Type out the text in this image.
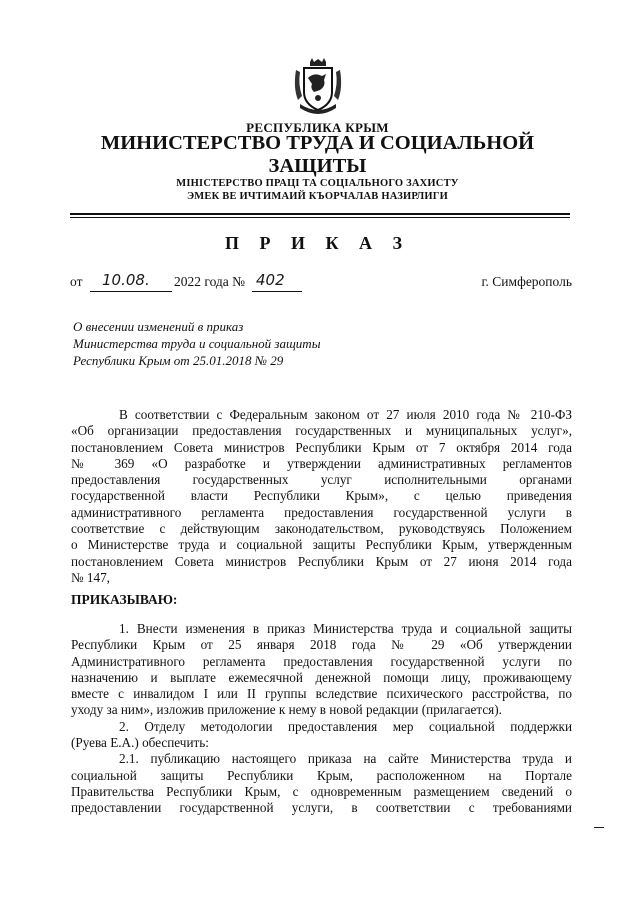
РЕСПУБЛИКА КРЫМ
МИНИСТЕРСТВО ТРУДА И СОЦИАЛЬНОЙ
ЗАЩИТЫ
МІНІСТЕРСТВО ПРАЦІ ТА СОЦІАЛЬНОГО ЗАХИСТУ
ЭМЕК ВЕ ИЧТИМАИЙ КЪОРЧАЛАВ НАЗИРЛИГИ
П Р И К А З
от 10.08. 2022 года № 402	г. Симферополь
О внесении изменений в приказ
Министерства труда и социальной защиты
Республики Крым от 25.01.2018 № 29
В соответствии с Федеральным законом от 27 июля 2010 года № 210-ФЗ
«Об организации предоставления государственных и муниципальных услуг»,
постановлением Совета министров Республики Крым от 7 октября 2014 года
№ 369 «О разработке и утверждении административных регламентов
предоставления государственных услуг исполнительными органами
государственной власти Республики Крым», с целью приведения
административного регламента предоставления государственной услуги в
соответствие с действующим законодательством, руководствуясь Положением
о Министерстве труда и социальной защиты Республики Крым, утвержденным
постановлением Совета министров Республики Крым от 27 июня 2014 года
№ 147,
ПРИКАЗЫВАЮ:
1. Внести изменения в приказ Министерства труда и социальной защиты
Республики Крым от 25 января 2018 года № 29 «Об утверждении
Административного регламента предоставления государственной услуги по
назначению и выплате ежемесячной денежной помощи лицу, проживающему
вместе с инвалидом I или II группы вследствие психического расстройства, по
уходу за ним», изложив приложение к нему в новой редакции (прилагается).
2. Отделу методологии предоставления мер социальной поддержки
(Руева Е.А.) обеспечить:
2.1. публикацию настоящего приказа на сайте Министерства труда и
социальной защиты Республики Крым, расположенном на Портале
Правительства Республики Крым, с одновременным размещением сведений о
предоставлении государственной услуги, в соответствии с требованиями
